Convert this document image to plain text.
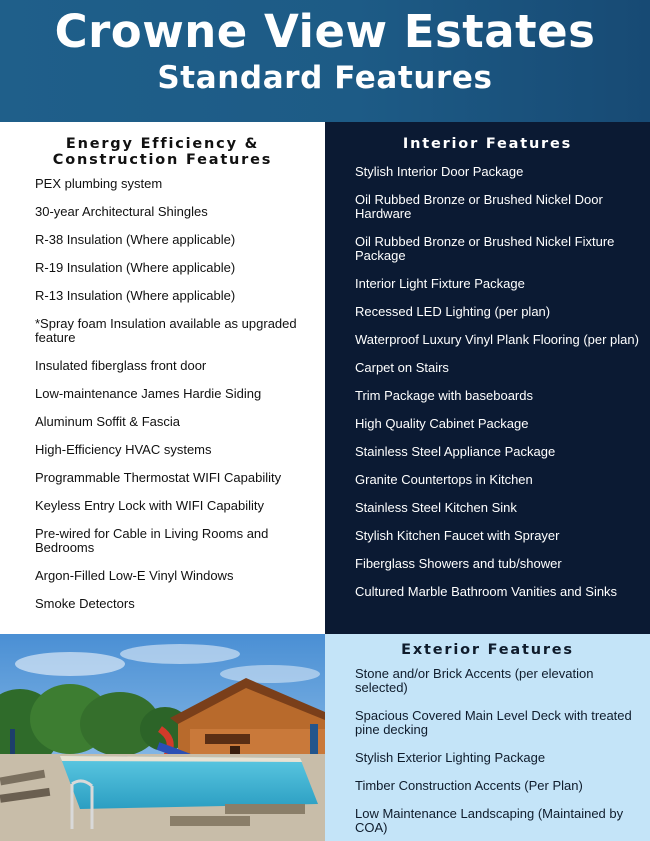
Crowne View Estates
Standard Features
Energy Efficiency &
Construction Features
PEX plumbing system
30-year Architectural Shingles
R-38 Insulation (Where applicable)
R-19 Insulation (Where applicable)
R-13 Insulation (Where applicable)
*Spray foam Insulation available as upgraded feature
Insulated fiberglass front door
Low-maintenance James Hardie Siding
Aluminum Soffit & Fascia
High-Efficiency HVAC systems
Programmable Thermostat WIFI Capability
Keyless Entry Lock with WIFI Capability
Pre-wired for Cable in Living Rooms and Bedrooms
Argon-Filled Low-E Vinyl Windows
Smoke Detectors
Interior Features
Stylish Interior Door Package
Oil Rubbed Bronze or Brushed Nickel Door Hardware
Oil Rubbed Bronze or Brushed Nickel Fixture Package
Interior Light Fixture Package
Recessed LED Lighting (per plan)
Waterproof Luxury Vinyl Plank Flooring (per plan)
Carpet on Stairs
Trim Package with baseboards
High Quality Cabinet Package
Stainless Steel Appliance Package
Granite Countertops in Kitchen
Stainless Steel Kitchen Sink
Stylish Kitchen Faucet with Sprayer
Fiberglass Showers and tub/shower
Cultured Marble Bathroom Vanities and Sinks
Exterior Features
Stone and/or Brick Accents (per elevation selected)
Spacious Covered Main Level Deck with treated pine decking
Stylish Exterior Lighting Package
Timber Construction Accents (Per Plan)
Low Maintenance Landscaping (Maintained by COA)
